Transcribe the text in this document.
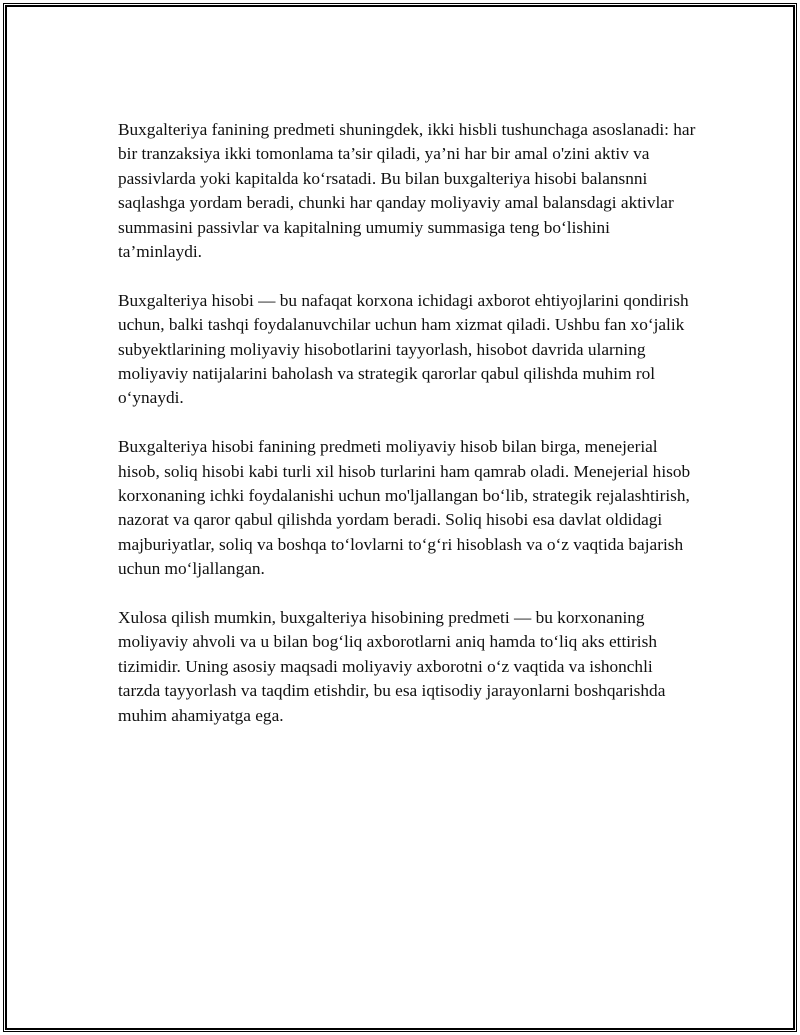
Buxgalteriya fanining predmeti shuningdek, ikki hisbli tushunchaga asoslanadi: har bir tranzaksiya ikki tomonlama ta’sir qiladi, ya’ni har bir amal o'zini aktiv va passivlarda yoki kapitalda ko‘rsatadi. Bu bilan buxgalteriya hisobi balansnni saqlashga yordam beradi, chunki har qanday moliyaviy amal balansdagi aktivlar summasini passivlar va kapitalning umumiy summasiga teng bo‘lishini ta’minlaydi.

Buxgalteriya hisobi — bu nafaqat korxona ichidagi axborot ehtiyojlarini qondirish uchun, balki tashqi foydalanuvchilar uchun ham xizmat qiladi. Ushbu fan xo‘jalik subyektlarining moliyaviy hisobotlarini tayyorlash, hisobot davrida ularning moliyaviy natijalarini baholash va strategik qarorlar qabul qilishda muhim rol o‘ynaydi.

Buxgalteriya hisobi fanining predmeti moliyaviy hisob bilan birga, menejerial hisob, soliq hisobi kabi turli xil hisob turlarini ham qamrab oladi. Menejerial hisob korxonaning ichki foydalanishi uchun mo'ljallangan bo‘lib, strategik rejalashtirish, nazorat va qaror qabul qilishda yordam beradi. Soliq hisobi esa davlat oldidagi majburiyatlar, soliq va boshqa to‘lovlarni to‘g‘ri hisoblash va o‘z vaqtida bajarish uchun mo‘ljallangan.

Xulosa qilish mumkin, buxgalteriya hisobining predmeti — bu korxonaning moliyaviy ahvoli va u bilan bog‘liq axborotlarni aniq hamda to‘liq aks ettirish tizimidir. Uning asosiy maqsadi moliyaviy axborotni o‘z vaqtida va ishonchli tarzda tayyorlash va taqdim etishdir, bu esa iqtisodiy jarayonlarni boshqarishda muhim ahamiyatga ega.
